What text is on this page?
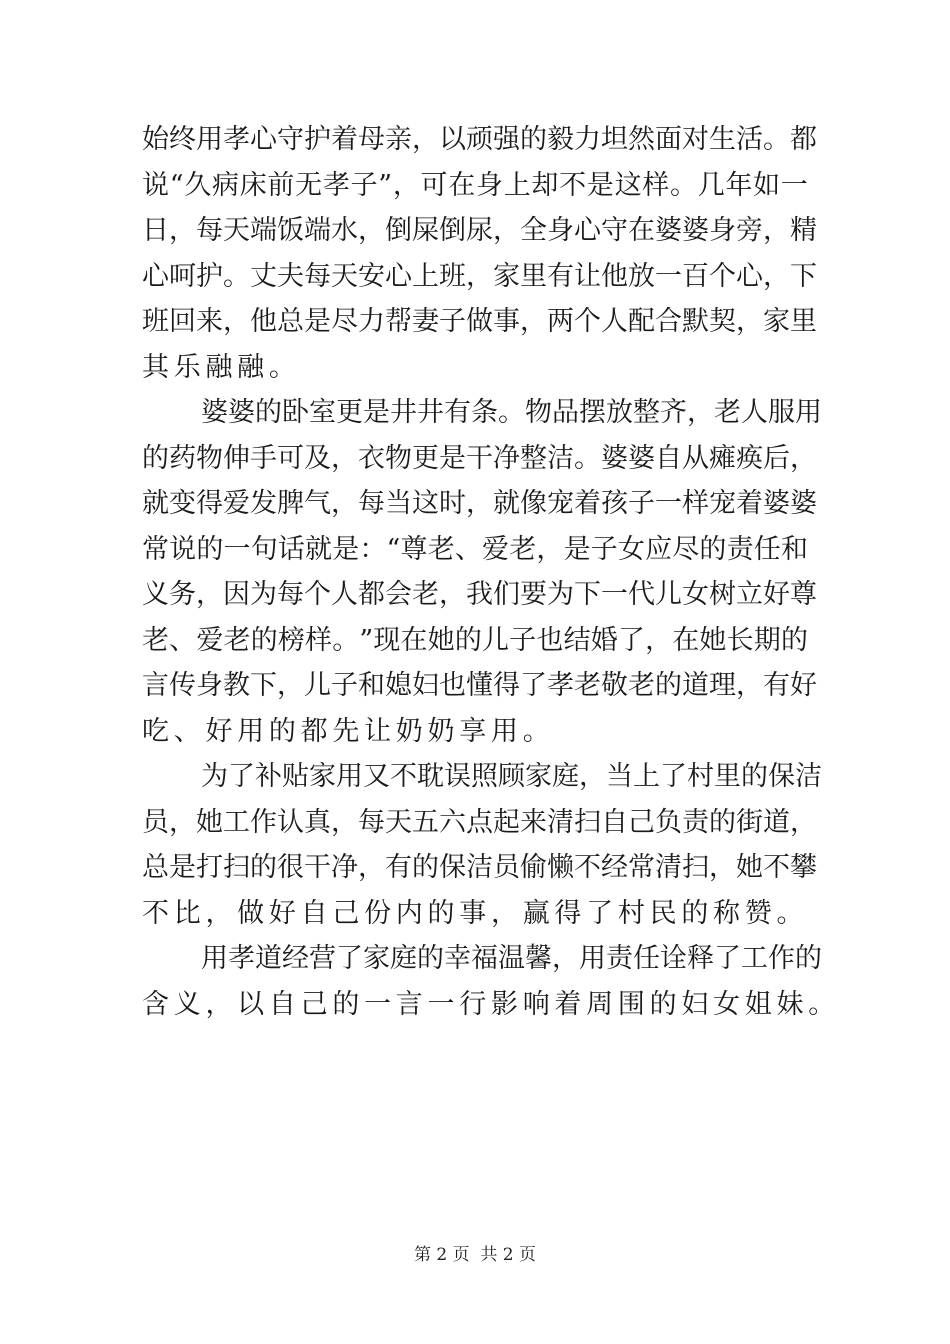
始 终 用 孝 心 守 护 着 母 亲 ， 以 顽 强 的 毅 力 坦 然 面 对 生 活 。 都
说 “ 久 病 床 前 无 孝 子 ” ， 可 在 身 上 却 不 是 这 样 。 几 年 如 一
日 ， 每 天 端 饭 端 水 ， 倒 屎 倒 尿 ， 全 身 心 守 在 婆 婆 身 旁 ， 精
心 呵 护 。 丈 夫 每 天 安 心 上 班 ， 家 里 有 让 他 放 一 百 个 心 ， 下
班 回 来 ， 他 总 是 尽 力 帮 妻 子 做 事 ， 两 个 人 配 合 默 契 ， 家 里
其乐融融。
婆 婆 的 卧 室 更 是 井 井 有 条 。 物 品 摆 放 整 齐 ， 老 人 服 用
的 药 物 伸 手 可 及 ， 衣 物 更 是 干 净 整 洁 。 婆 婆 自 从 瘫 痪 后 ，
就 变 得 爱 发 脾 气 ， 每 当 这 时 ， 就 像 宠 着 孩 子 一 样 宠 着 婆 婆
常 说 的 一 句 话 就 是 ： “ 尊 老 、 爱 老 ， 是 子 女 应 尽 的 责 任 和
义 务 ， 因 为 每 个 人 都 会 老 ， 我 们 要 为 下 一 代 儿 女 树 立 好 尊
老 、 爱 老 的 榜 样 。 ” 现 在 她 的 儿 子 也 结 婚 了 ， 在 她 长 期 的
言 传 身 教 下 ， 儿 子 和 媳 妇 也 懂 得 了 孝 老 敬 老 的 道 理 ， 有 好
吃、好用的都先让奶奶享用。
为 了 补 贴 家 用 又 不 耽 误 照 顾 家 庭 ， 当 上 了 村 里 的 保 洁
员 ， 她 工 作 认 真 ， 每 天 五 六 点 起 来 清 扫 自 己 负 责 的 街 道 ，
总 是 打 扫 的 很 干 净 ， 有 的 保 洁 员 偷 懒 不 经 常 清 扫 ， 她 不 攀
不比，做好自己份内的事，赢得了村民的称赞。
用 孝 道 经 营 了 家 庭 的 幸 福 温 馨 ， 用 责 任 诠 释 了 工 作 的
含义，以自己的一言一行影响着周围的妇女姐妹。
第 2 页  共 2 页
